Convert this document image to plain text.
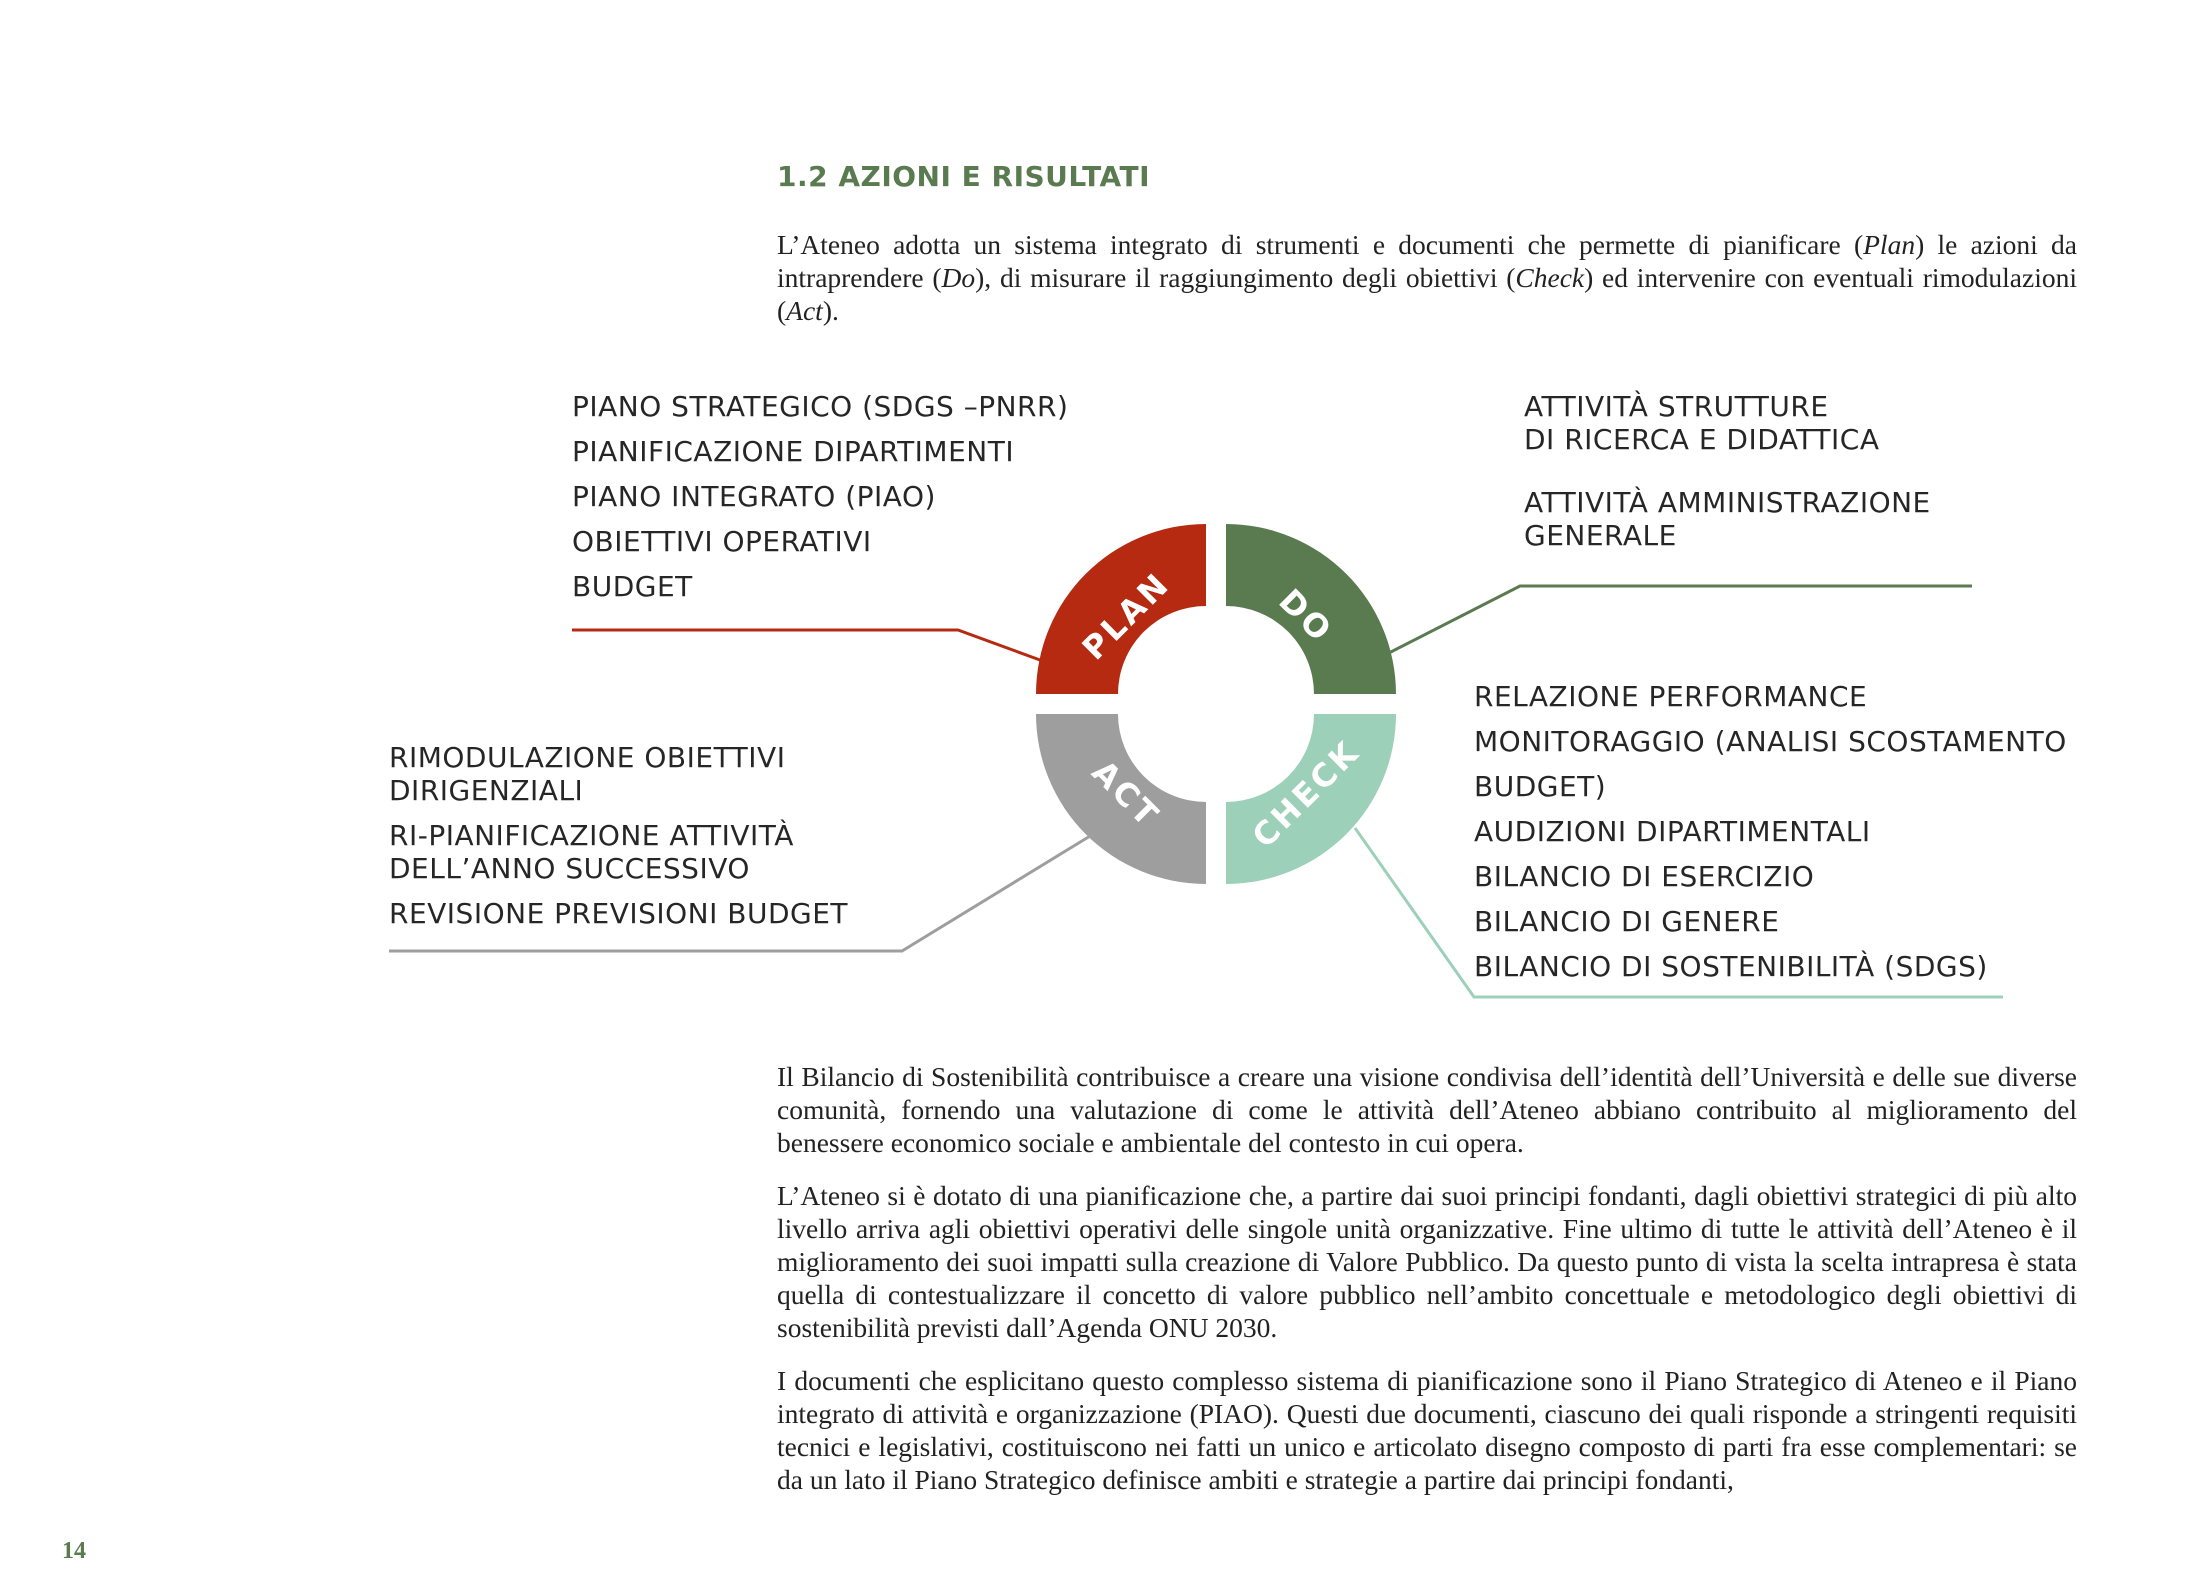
1.2 AZIONI E RISULTATI
L’Ateneo adotta un sistema integrato di strumenti e documenti che permette di pianificare (Plan) le azioni da intraprendere (Do), di misurare il raggiungimento degli obiettivi (Check) ed intervenire con eventuali rimodulazioni (Act).
PLAN	DO
CHECK
ACT
PIANO STRATEGICO (SDGS –PNRR)
PIANIFICAZIONE DIPARTIMENTI
PIANO INTEGRATO (PIAO)
OBIETTIVI OPERATIVI
BUDGET
ATTIVITÀ STRUTTURE
DI RICERCA E DIDATTICA
ATTIVITÀ AMMINISTRAZIONE
GENERALE
RIMODULAZIONE OBIETTIVI
DIRIGENZIALI
RI-PIANIFICAZIONE ATTIVITÀ
DELL’ANNO SUCCESSIVO
REVISIONE PREVISIONI BUDGET
RELAZIONE PERFORMANCE
MONITORAGGIO (ANALISI SCOSTAMENTO
BUDGET)
AUDIZIONI DIPARTIMENTALI
BILANCIO DI ESERCIZIO
BILANCIO DI GENERE
BILANCIO DI SOSTENIBILITÀ (SDGS)

Il Bilancio di Sostenibilità contribuisce a creare una visione condivisa dell’identità dell’Università e delle sue diverse comunità, fornendo una valutazione di come le attività dell’Ateneo abbiano contribuito al miglioramento del benessere economico sociale e ambientale del contesto in cui opera.

L’Ateneo si è dotato di una pianificazione che, a partire dai suoi principi fondanti, dagli obiettivi strategici di più alto livello arriva agli obiettivi operativi delle singole unità organizzative. Fine ultimo di tutte le attività dell’Ateneo è il miglioramento dei suoi impatti sulla creazione di Valore Pubblico. Da questo punto di vista la scelta intrapresa è stata quella di contestualizzare il concetto di valore pubblico nell’ambito concettuale e metodologico degli obiettivi di sostenibilità previsti dall’Agenda ONU 2030.

I documenti che esplicitano questo complesso sistema di pianificazione sono il Piano Strategico di Ateneo e il Piano integrato di attività e organizzazione (PIAO). Questi due documenti, ciascuno dei quali risponde a stringenti requisiti tecnici e legislativi, costituiscono nei fatti un unico e articolato disegno composto di parti fra esse complementari: se da un lato il Piano Strategico definisce ambiti e strategie a partire dai principi fondanti,

14
